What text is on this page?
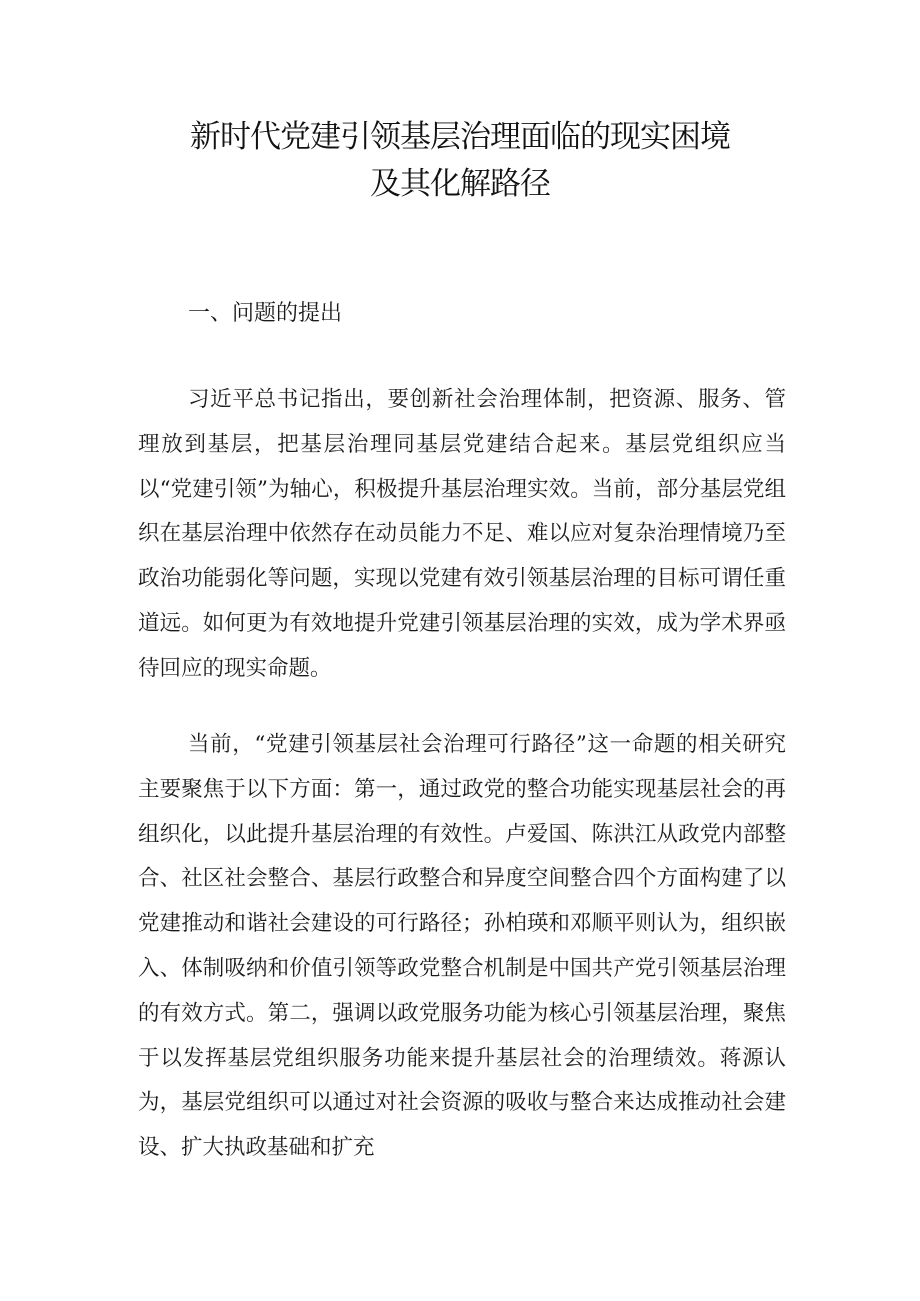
新时代党建引领基层治理面临的现实困境
及其化解路径
一、问题的提出

习近平总书记指出，要创新社会治理体制，把资源、服务、管理放到基层，把基层治理同基层党建结合起来。基层党组织应当以“党建引领”为轴心，积极提升基层治理实效。当前，部分基层党组织在基层治理中依然存在动员能力不足、难以应对复杂治理情境乃至政治功能弱化等问题，实现以党建有效引领基层治理的目标可谓任重道远。如何更为有效地提升党建引领基层治理的实效，成为学术界亟待回应的现实命题。

当前，“党建引领基层社会治理可行路径”这一命题的相关研究主要聚焦于以下方面：第一，通过政党的整合功能实现基层社会的再组织化，以此提升基层治理的有效性。卢爱国、陈洪江从政党内部整合、社区社会整合、基层行政整合和异度空间整合四个方面构建了以党建推动和谐社会建设的可行路径；孙柏瑛和邓顺平则认为，组织嵌入、体制吸纳和价值引领等政党整合机制是中国共产党引领基层治理的有效方式。第二，强调以政党服务功能为核心引领基层治理，聚焦于以发挥基层党组织服务功能来提升基层社会的治理绩效。蒋源认为，基层党组织可以通过对社会资源的吸收与整合来达成推动社会建设、扩大执政基础和扩充
